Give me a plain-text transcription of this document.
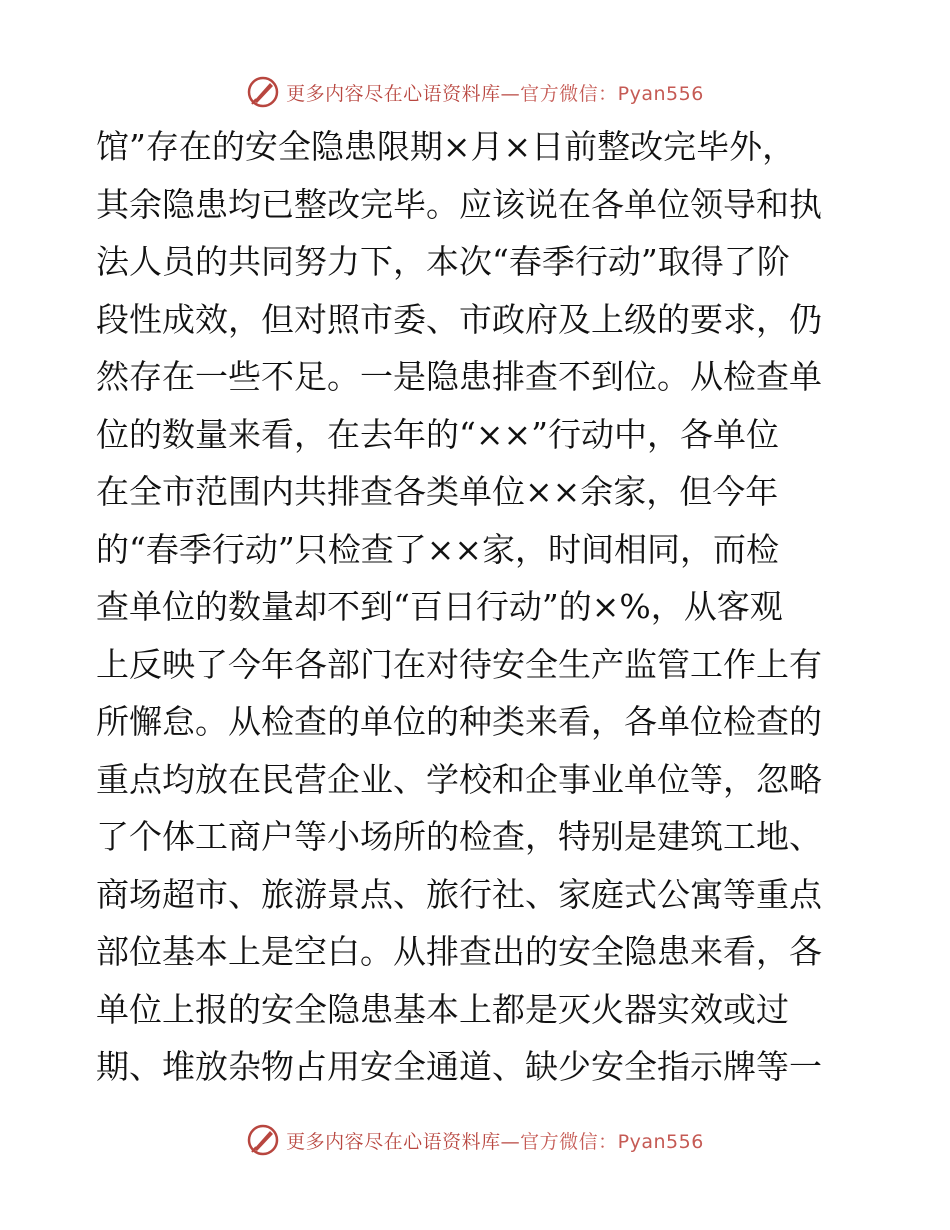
更多内容尽在心语资料库—官方微信：Pyan556
馆”存在的安全隐患限期×月×日前整改完毕外，
其余隐患均已整改完毕。应该说在各单位领导和执
法人员的共同努力下，本次“春季行动”取得了阶
段性成效，但对照市委、市政府及上级的要求，仍
然存在一些不足。一是隐患排查不到位。从检查单
位的数量来看，在去年的“××”行动中，各单位
在全市范围内共排查各类单位××余家，但今年
的“春季行动”只检查了××家，时间相同，而检
查单位的数量却不到“百日行动”的×%，从客观
上反映了今年各部门在对待安全生产监管工作上有
所懈怠。从检查的单位的种类来看，各单位检查的
重点均放在民营企业、学校和企事业单位等，忽略
了个体工商户等小场所的检查，特别是建筑工地、
商场超市、旅游景点、旅行社、家庭式公寓等重点
部位基本上是空白。从排查出的安全隐患来看，各
单位上报的安全隐患基本上都是灭火器实效或过
期、堆放杂物占用安全通道、缺少安全指示牌等一
更多内容尽在心语资料库—官方微信：Pyan556
